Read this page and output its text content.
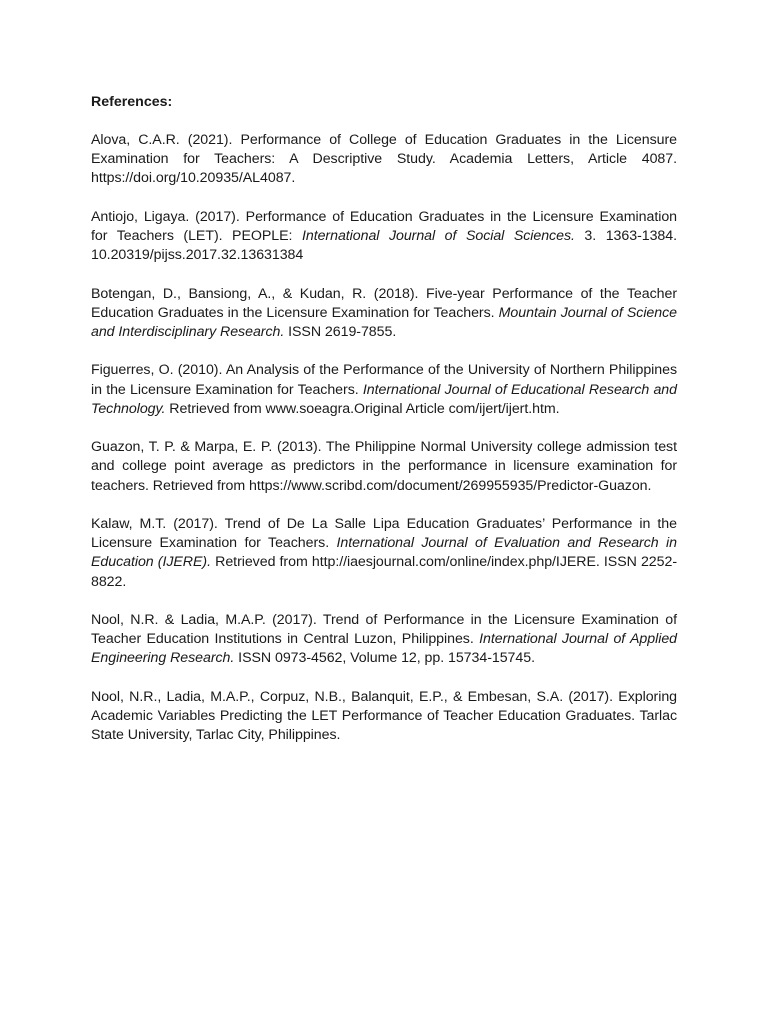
References:
Alova, C.A.R. (2021). Performance of College of Education Graduates in the Licensure Examination for Teachers: A Descriptive Study. Academia Letters, Article 4087. https://doi.org/10.20935/AL4087.
Antiojo, Ligaya. (2017). Performance of Education Graduates in the Licensure Examination for Teachers (LET). PEOPLE: International Journal of Social Sciences. 3. 1363-1384. 10.20319/pijss.2017.32.13631384
Botengan, D., Bansiong, A., & Kudan, R. (2018). Five-year Performance of the Teacher Education Graduates in the Licensure Examination for Teachers. Mountain Journal of Science and Interdisciplinary Research. ISSN 2619-7855.
Figuerres, O. (2010). An Analysis of the Performance of the University of Northern Philippines in the Licensure Examination for Teachers. International Journal of Educational Research and Technology. Retrieved from www.soeagra.Original Article com/ijert/ijert.htm.
Guazon, T. P. & Marpa, E. P. (2013). The Philippine Normal University college admission test and college point average as predictors in the performance in licensure examination for teachers. Retrieved from https://www.scribd.com/document/269955935/Predictor-Guazon.
Kalaw, M.T. (2017). Trend of De La Salle Lipa Education Graduates’ Performance in the Licensure Examination for Teachers. International Journal of Evaluation and Research in Education (IJERE). Retrieved from http://iaesjournal.com/online/index.php/IJERE. ISSN 2252-8822.
Nool, N.R. & Ladia, M.A.P. (2017). Trend of Performance in the Licensure Examination of Teacher Education Institutions in Central Luzon, Philippines. International Journal of Applied Engineering Research. ISSN 0973-4562, Volume 12, pp. 15734-15745.
Nool, N.R., Ladia, M.A.P., Corpuz, N.B., Balanquit, E.P., & Embesan, S.A. (2017). Exploring Academic Variables Predicting the LET Performance of Teacher Education Graduates. Tarlac State University, Tarlac City, Philippines.
